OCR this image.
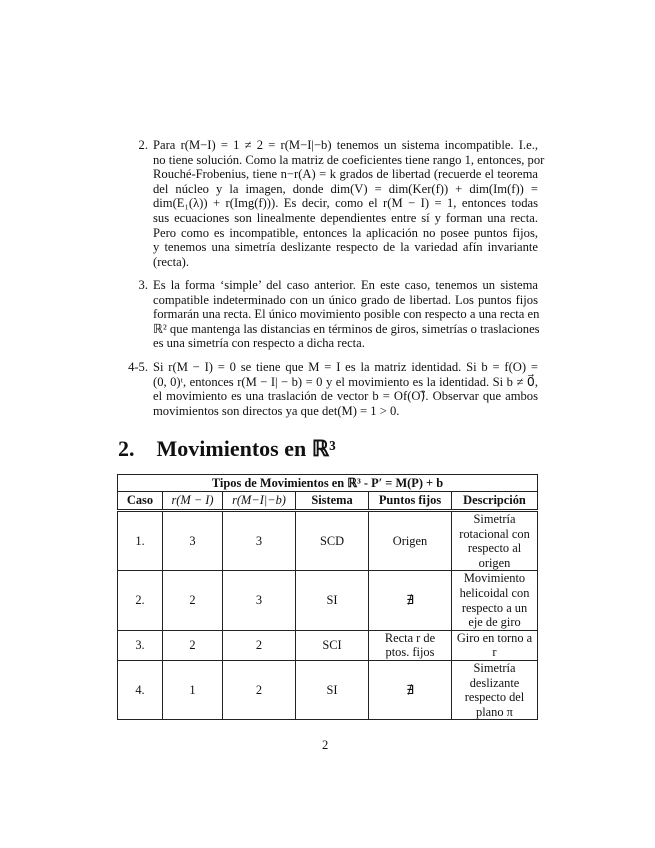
2. Para r(M−I) = 1 ≠ 2 = r(M−I|−b) tenemos un sistema incompatible. I.e.,
no tiene solución. Como la matriz de coeficientes tiene rango 1, entonces, por
Rouché-Frobenius, tiene n−r(A) = k grados de libertad (recuerde el teorema
del núcleo y la imagen, donde dim(V) = dim(Ker(f)) + dim(Im(f)) =
dim(E₁(λ)) + r(Img(f))). Es decir, como el r(M − I) = 1, entonces todas
sus ecuaciones son linealmente dependientes entre sí y forman una recta.
Pero como es incompatible, entonces la aplicación no posee puntos fijos,
y tenemos una simetría deslizante respecto de la variedad afín invariante
(recta).
3. Es la forma ‘simple’ del caso anterior. En este caso, tenemos un sistema
compatible indeterminado con un único grado de libertad. Los puntos fijos
formarán una recta. El único movimiento posible con respecto a una recta en
ℝ² que mantenga las distancias en términos de giros, simetrías o traslaciones
es una simetría con respecto a dicha recta.
4-5. Si r(M − I) = 0 se tiene que M = I es la matriz identidad. Si b = f(O) =
(0, 0)ᵗ, entonces r(M − I| − b) = 0 y el movimiento es la identidad. Si b ≠ 0⃗,
el movimiento es una traslación de vector b = Of(O)⃗. Observar que ambos
movimientos son directos ya que det(M) = 1 > 0.
2. Movimientos en ℝ³
Tipos de Movimientos en ℝ³ - P′ = M(P) + b					
Caso	r(M − I)	r(M−I|−b)	Sistema	Puntos fijos	Descripción
1.	3	3	SCD	Origen	Simetría rotacional con respecto al origen
2.	2	3	SI	∄	Movimiento helicoidal con respecto a un eje de giro
3.	2	2	SCI	Recta r de ptos. fijos	Giro en torno a r
4.	1	2	SI	∄	Simetría deslizante respecto del plano π
2
